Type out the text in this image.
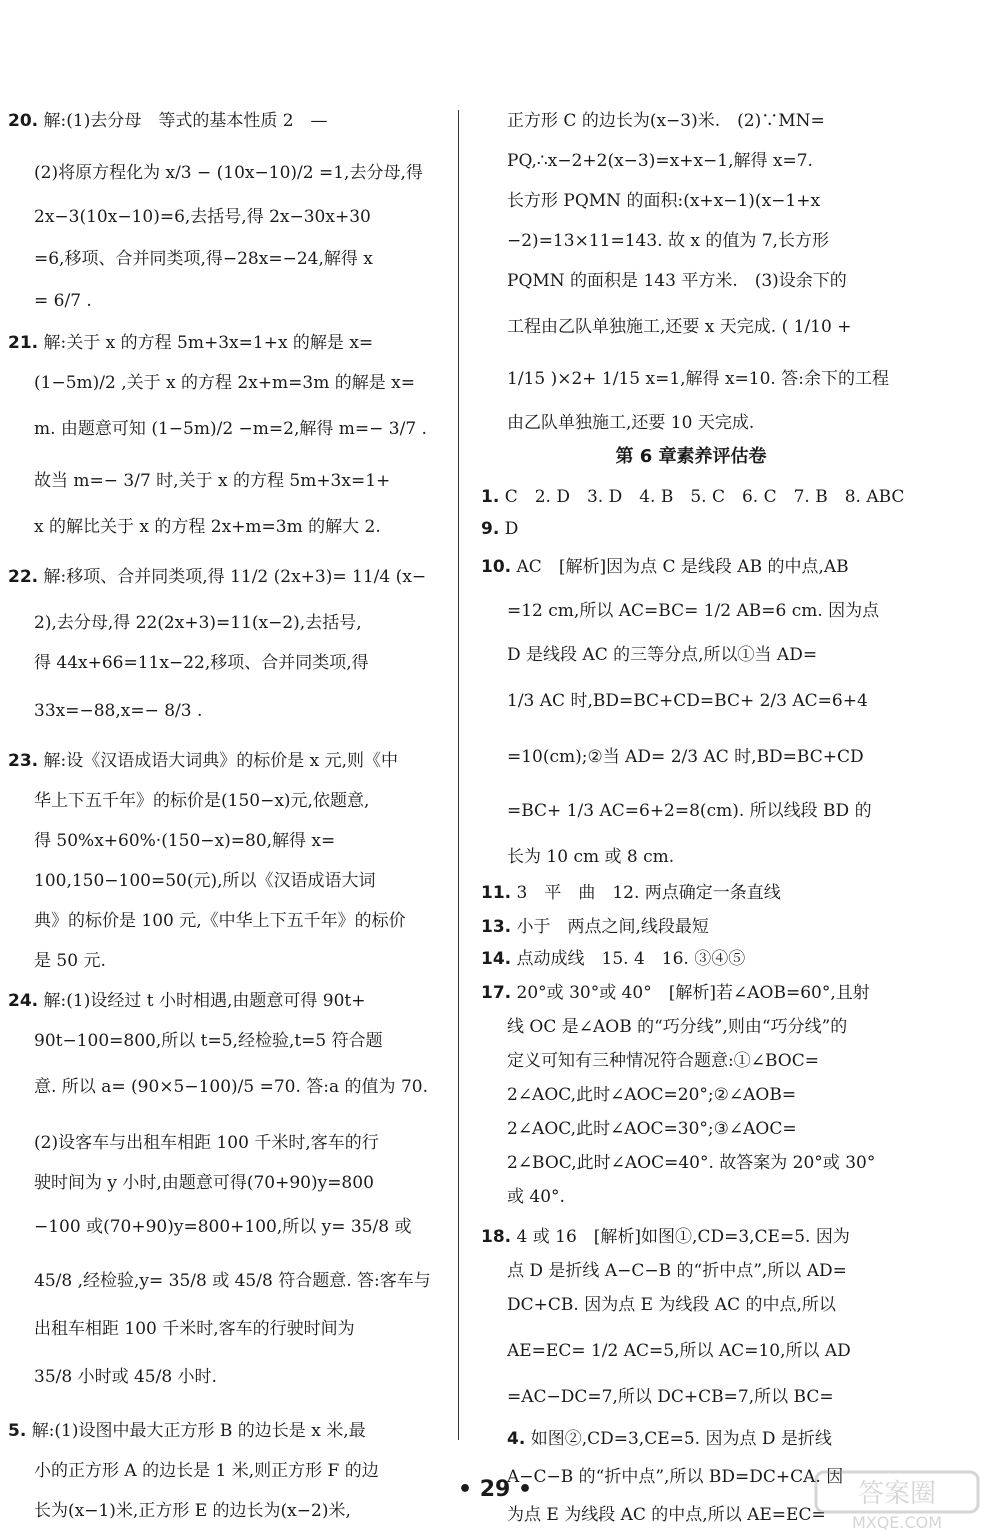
20. 解:(1)去分母　等式的基本性质 2　—
(2)将原方程化为 x/3 − (10x−10)/2 =1,去分母,得
2x−3(10x−10)=6,去括号,得 2x−30x+30
=6,移项、合并同类项,得−28x=−24,解得 x
= 6/7 .
21. 解:关于 x 的方程 5m+3x=1+x 的解是 x=
(1−5m)/2 ,关于 x 的方程 2x+m=3m 的解是 x=
m. 由题意可知 (1−5m)/2 −m=2,解得 m=− 3/7 .
故当 m=− 3/7 时,关于 x 的方程 5m+3x=1+
x 的解比关于 x 的方程 2x+m=3m 的解大 2.
22. 解:移项、合并同类项,得 11/2 (2x+3)= 11/4 (x−
2),去分母,得 22(2x+3)=11(x−2),去括号,
得 44x+66=11x−22,移项、合并同类项,得
33x=−88,x=− 8/3 .
23. 解:设《汉语成语大词典》的标价是 x 元,则《中
华上下五千年》的标价是(150−x)元,依题意,
得 50%x+60%·(150−x)=80,解得 x=
100,150−100=50(元),所以《汉语成语大词
典》的标价是 100 元,《中华上下五千年》的标价
是 50 元.
24. 解:(1)设经过 t 小时相遇,由题意可得 90t+
90t−100=800,所以 t=5,经检验,t=5 符合题
意. 所以 a= (90×5−100)/5 =70. 答:a 的值为 70.
(2)设客车与出租车相距 100 千米时,客车的行
驶时间为 y 小时,由题意可得(70+90)y=800
−100 或(70+90)y=800+100,所以 y= 35/8 或
45/8 ,经检验,y= 35/8 或 45/8 符合题意. 答:客车与
出租车相距 100 千米时,客车的行驶时间为
35/8 小时或 45/8 小时.
5. 解:(1)设图中最大正方形 B 的边长是 x 米,最
小的正方形 A 的边长是 1 米,则正方形 F 的边
长为(x−1)米,正方形 E 的边长为(x−2)米,
第 6 章素养评估卷
正方形 C 的边长为(x−3)米.　(2)∵MN=
PQ,∴x−2+2(x−3)=x+x−1,解得 x=7.
长方形 PQMN 的面积:(x+x−1)(x−1+x
−2)=13×11=143. 故 x 的值为 7,长方形
PQMN 的面积是 143 平方米.　(3)设余下的
工程由乙队单独施工,还要 x 天完成. ( 1/10 +
1/15 )×2+ 1/15 x=1,解得 x=10. 答:余下的工程
由乙队单独施工,还要 10 天完成.
1. C　2. D　3. D　4. B　5. C　6. C　7. B　8. ABC
9. D
10. AC　[解析]因为点 C 是线段 AB 的中点,AB
=12 cm,所以 AC=BC= 1/2 AB=6 cm. 因为点
D 是线段 AC 的三等分点,所以①当 AD=
1/3 AC 时,BD=BC+CD=BC+ 2/3 AC=6+4
=10(cm);②当 AD= 2/3 AC 时,BD=BC+CD
=BC+ 1/3 AC=6+2=8(cm). 所以线段 BD 的
长为 10 cm 或 8 cm.
11. 3　平　曲　12. 两点确定一条直线
13. 小于　两点之间,线段最短
14. 点动成线　15. 4　16. ③④⑤
17. 20°或 30°或 40°　[解析]若∠AOB=60°,且射
线 OC 是∠AOB 的“巧分线”,则由“巧分线”的
定义可知有三种情况符合题意:①∠BOC=
2∠AOC,此时∠AOC=20°;②∠AOB=
2∠AOC,此时∠AOC=30°;③∠AOC=
2∠BOC,此时∠AOC=40°. 故答案为 20°或 30°
或 40°.
18. 4 或 16　[解析]如图①,CD=3,CE=5. 因为
点 D 是折线 A−C−B 的“折中点”,所以 AD=
DC+CB. 因为点 E 为线段 AC 的中点,所以
AE=EC= 1/2 AC=5,所以 AC=10,所以 AD
=AC−DC=7,所以 DC+CB=7,所以 BC=
4. 如图②,CD=3,CE=5. 因为点 D 是折线
A−C−B 的“折中点”,所以 BD=DC+CA. 因
为点 E 为线段 AC 的中点,所以 AE=EC=
• 29 •	答案圈
MXQE.COM
